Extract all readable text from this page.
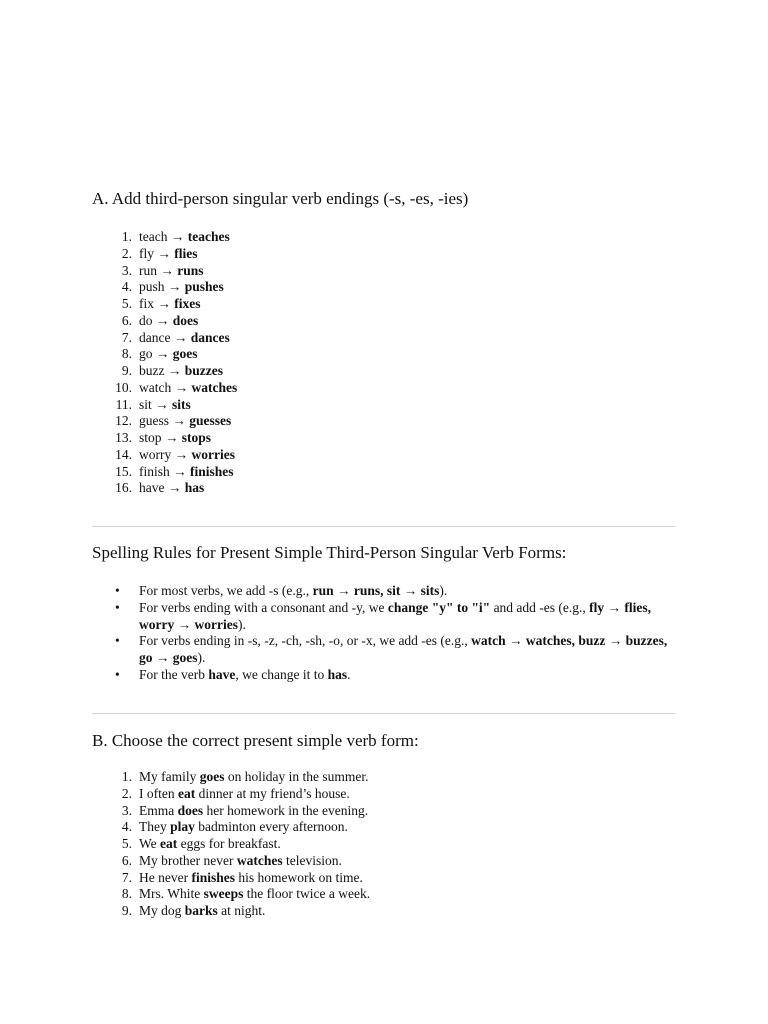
A. Add third-person singular verb endings (-s, -es, -ies)
1. teach → teaches
2. fly → flies
3. run → runs
4. push → pushes
5. fix → fixes
6. do → does
7. dance → dances
8. go → goes
9. buzz → buzzes
10. watch → watches
11. sit → sits
12. guess → guesses
13. stop → stops
14. worry → worries
15. finish → finishes
16. have → has
Spelling Rules for Present Simple Third-Person Singular Verb Forms:
• For most verbs, we add -s (e.g., run → runs, sit → sits).
• For verbs ending with a consonant and -y, we change "y" to "i" and add -es (e.g., fly → flies, worry → worries).
• For verbs ending in -s, -z, -ch, -sh, -o, or -x, we add -es (e.g., watch → watches, buzz → buzzes, go → goes).
• For the verb have, we change it to has.
B. Choose the correct present simple verb form:
1. My family goes on holiday in the summer.
2. I often eat dinner at my friend’s house.
3. Emma does her homework in the evening.
4. They play badminton every afternoon.
5. We eat eggs for breakfast.
6. My brother never watches television.
7. He never finishes his homework on time.
8. Mrs. White sweeps the floor twice a week.
9. My dog barks at night.
